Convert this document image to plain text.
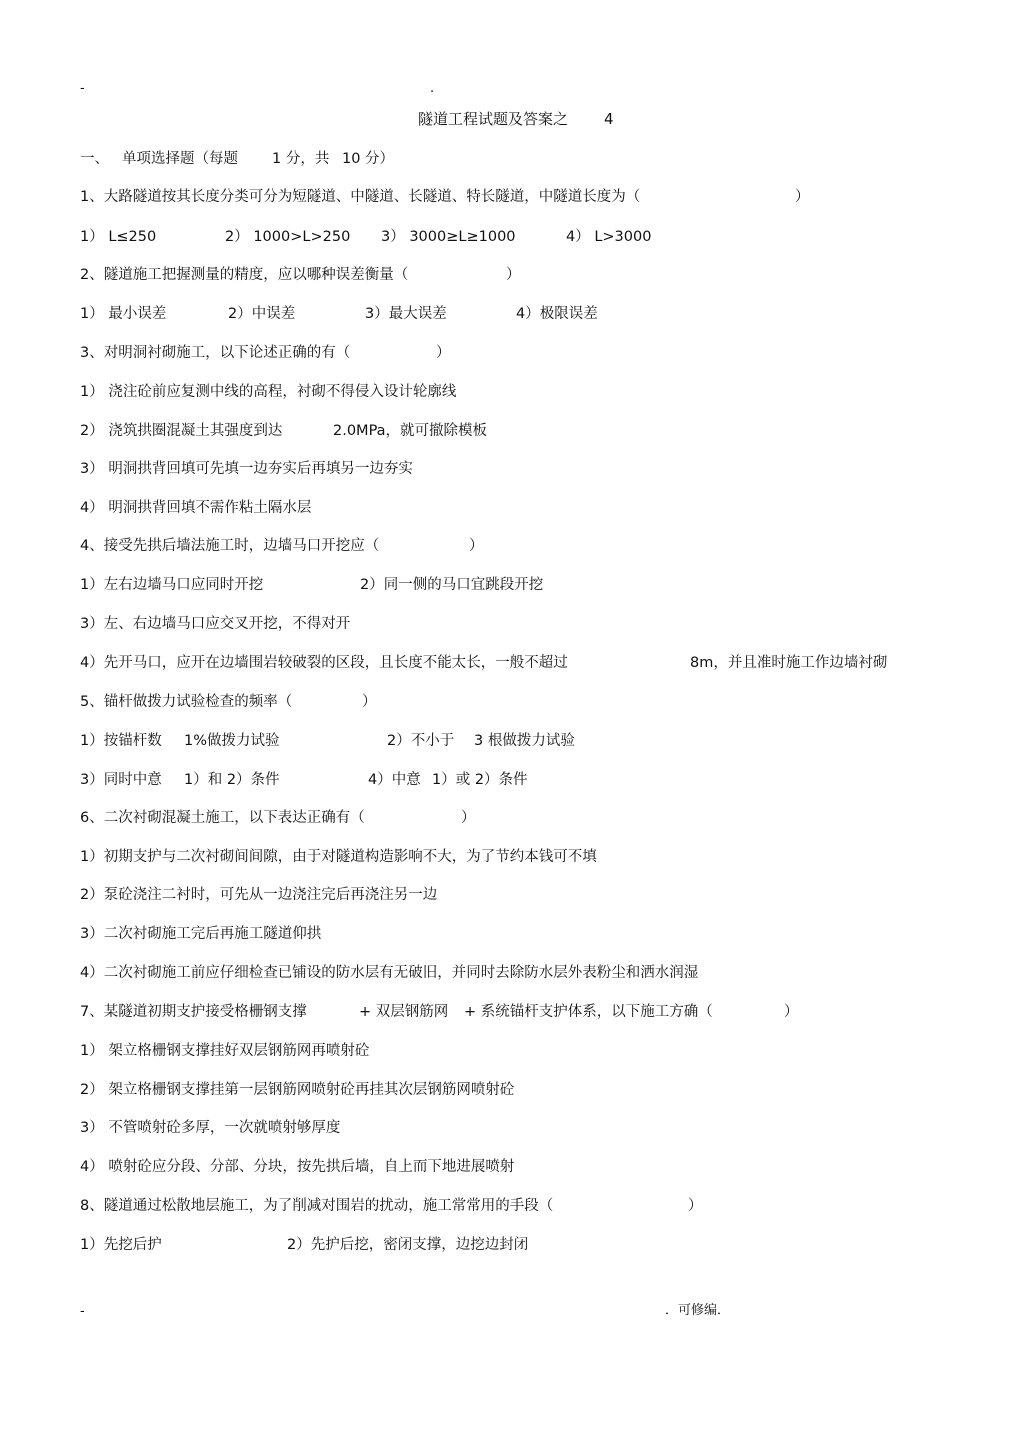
-	.
隧道工程试题及答案之 4
一、 单项选择题（每题 1 分，共 10 分）
1、大路隧道按其长度分类可分为短隧道、中隧道、长隧道、特长隧道，中隧道长度为（	）
1） L≤250	2） 1000>L>250 3） 3000≥L≥1000	4） L>3000
2、隧道施工把握测量的精度，应以哪种误差衡量（	）
1） 最小误差	2）中误差	3）最大误差	4）极限误差
3、对明洞衬砌施工，以下论述正确的有（	）
1） 浇注砼前应复测中线的高程，衬砌不得侵入设计轮廓线
2） 浇筑拱圈混凝土其强度到达	2.0MPa，就可撤除模板
3） 明洞拱背回填可先填一边夯实后再填另一边夯实
4） 明洞拱背回填不需作粘土隔水层
4、接受先拱后墙法施工时，边墙马口开挖应（	）
1）左右边墙马口应同时开挖	2）同一侧的马口宜跳段开挖
3）左、右边墙马口应交叉开挖，不得对开
4）先开马口，应开在边墙围岩较破裂的区段，且长度不能太长，一般不超过	8m，并且准时施工作边墙衬砌
5、锚杆做拨力试验检查的频率（	）
1）按锚杆数 1%做拨力试验	2）不小于 3 根做拨力试验
3）同时中意 1）和 2）条件	4）中意 1）或 2）条件
6、二次衬砌混凝土施工，以下表达正确有（	）
1）初期支护与二次衬砌间间隙，由于对隧道构造影响不大，为了节约本钱可不填
2）泵砼浇注二衬时，可先从一边浇注完后再浇注另一边
3）二次衬砌施工完后再施工隧道仰拱
4）二次衬砌施工前应仔细检查已铺设的防水层有无破旧，并同时去除防水层外表粉尘和洒水润湿
7、某隧道初期支护接受格栅钢支撑	+ 双层钢筋网 + 系统锚杆支护体系，以下施工方确（	）
1） 架立格栅钢支撑挂好双层钢筋网再喷射砼
2） 架立格栅钢支撑挂第一层钢筋网喷射砼再挂其次层钢筋网喷射砼
3） 不管喷射砼多厚，一次就喷射够厚度
4） 喷射砼应分段、分部、分块，按先拱后墙，自上而下地进展喷射
8、隧道通过松散地层施工，为了削减对围岩的扰动，施工常常用的手段（	）
1）先挖后护	2）先护后挖，密闭支撑，边挖边封闭
-	．可修编．
